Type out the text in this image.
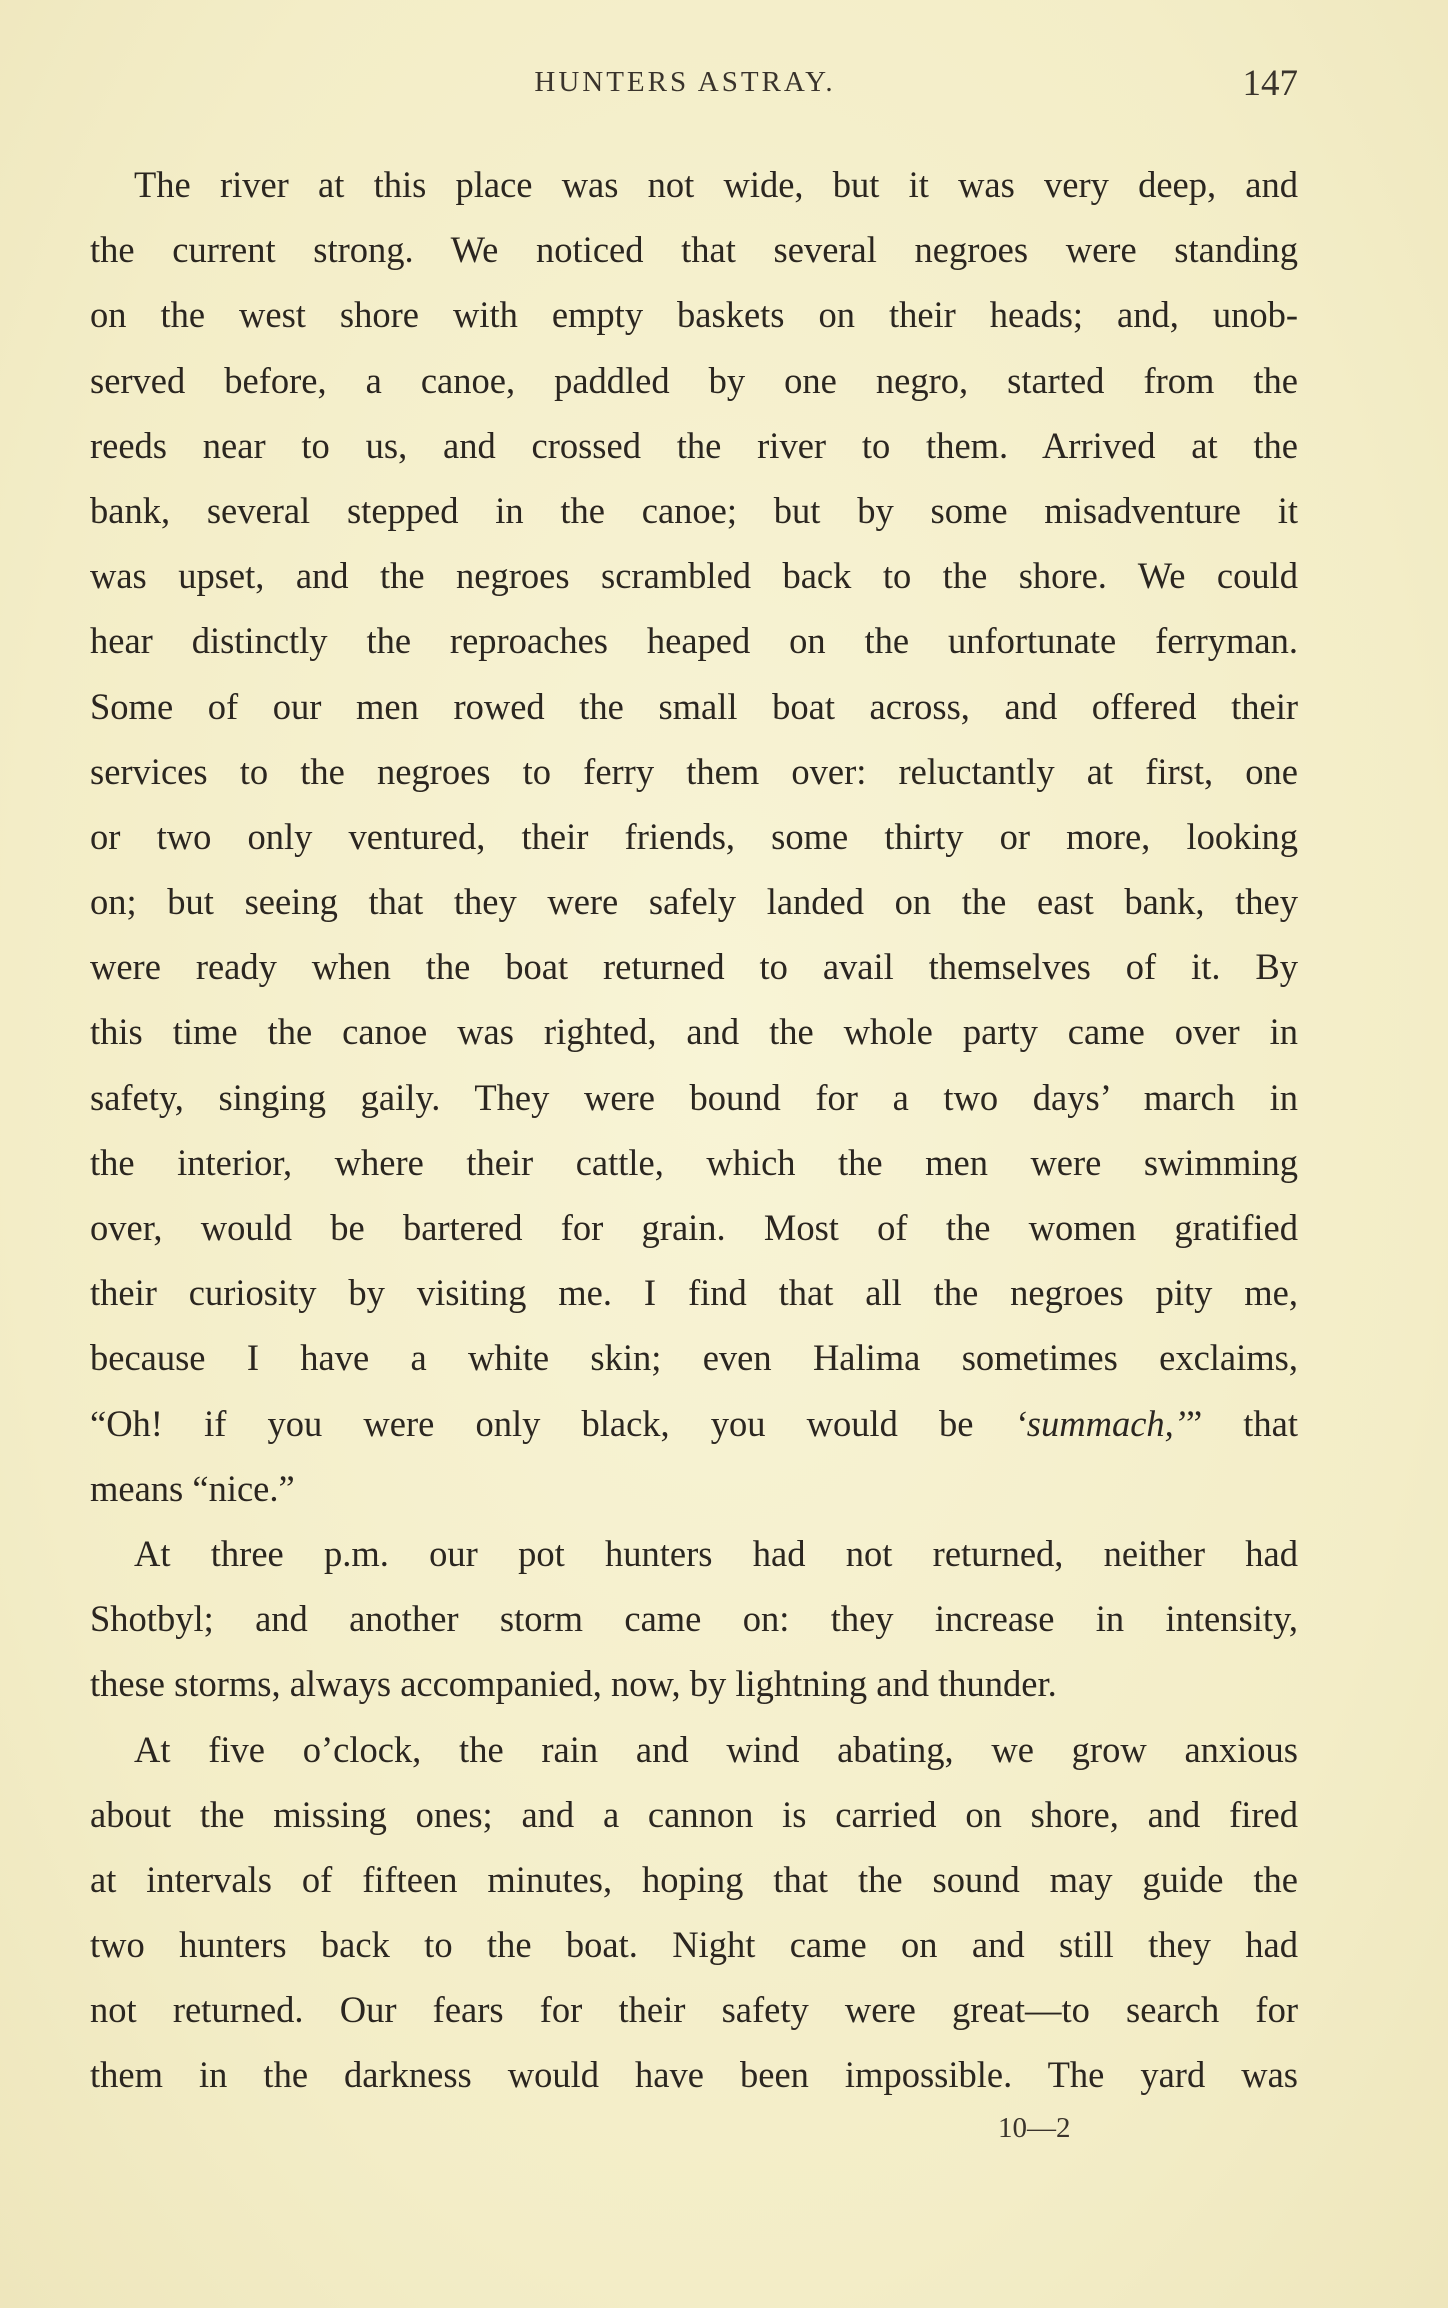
HUNTERS ASTRAY.	147
The river at this place was not wide, but it was very deep, and
the current strong. We noticed that several negroes were standing
on the west shore with empty baskets on their heads; and, unob-
served before, a canoe, paddled by one negro, started from the
reeds near to us, and crossed the river to them. Arrived at the
bank, several stepped in the canoe; but by some misadventure it
was upset, and the negroes scrambled back to the shore. We could
hear distinctly the reproaches heaped on the unfortunate ferryman.
Some of our men rowed the small boat across, and offered their
services to the negroes to ferry them over: reluctantly at first, one
or two only ventured, their friends, some thirty or more, looking
on; but seeing that they were safely landed on the east bank, they
were ready when the boat returned to avail themselves of it. By
this time the canoe was righted, and the whole party came over in
safety, singing gaily. They were bound for a two days’ march in
the interior, where their cattle, which the men were swimming
over, would be bartered for grain. Most of the women gratified
their curiosity by visiting me. I find that all the negroes pity me,
because I have a white skin; even Halima sometimes exclaims,
“Oh! if you were only black, you would be ‘summach,’” that
means “nice.”
At three p.m. our pot hunters had not returned, neither had
Shotbyl; and another storm came on: they increase in intensity,
these storms, always accompanied, now, by lightning and thunder.
At five o’clock, the rain and wind abating, we grow anxious
about the missing ones; and a cannon is carried on shore, and fired
at intervals of fifteen minutes, hoping that the sound may guide the
two hunters back to the boat. Night came on and still they had
not returned. Our fears for their safety were great—to search for
them in the darkness would have been impossible. The yard was
10—2
